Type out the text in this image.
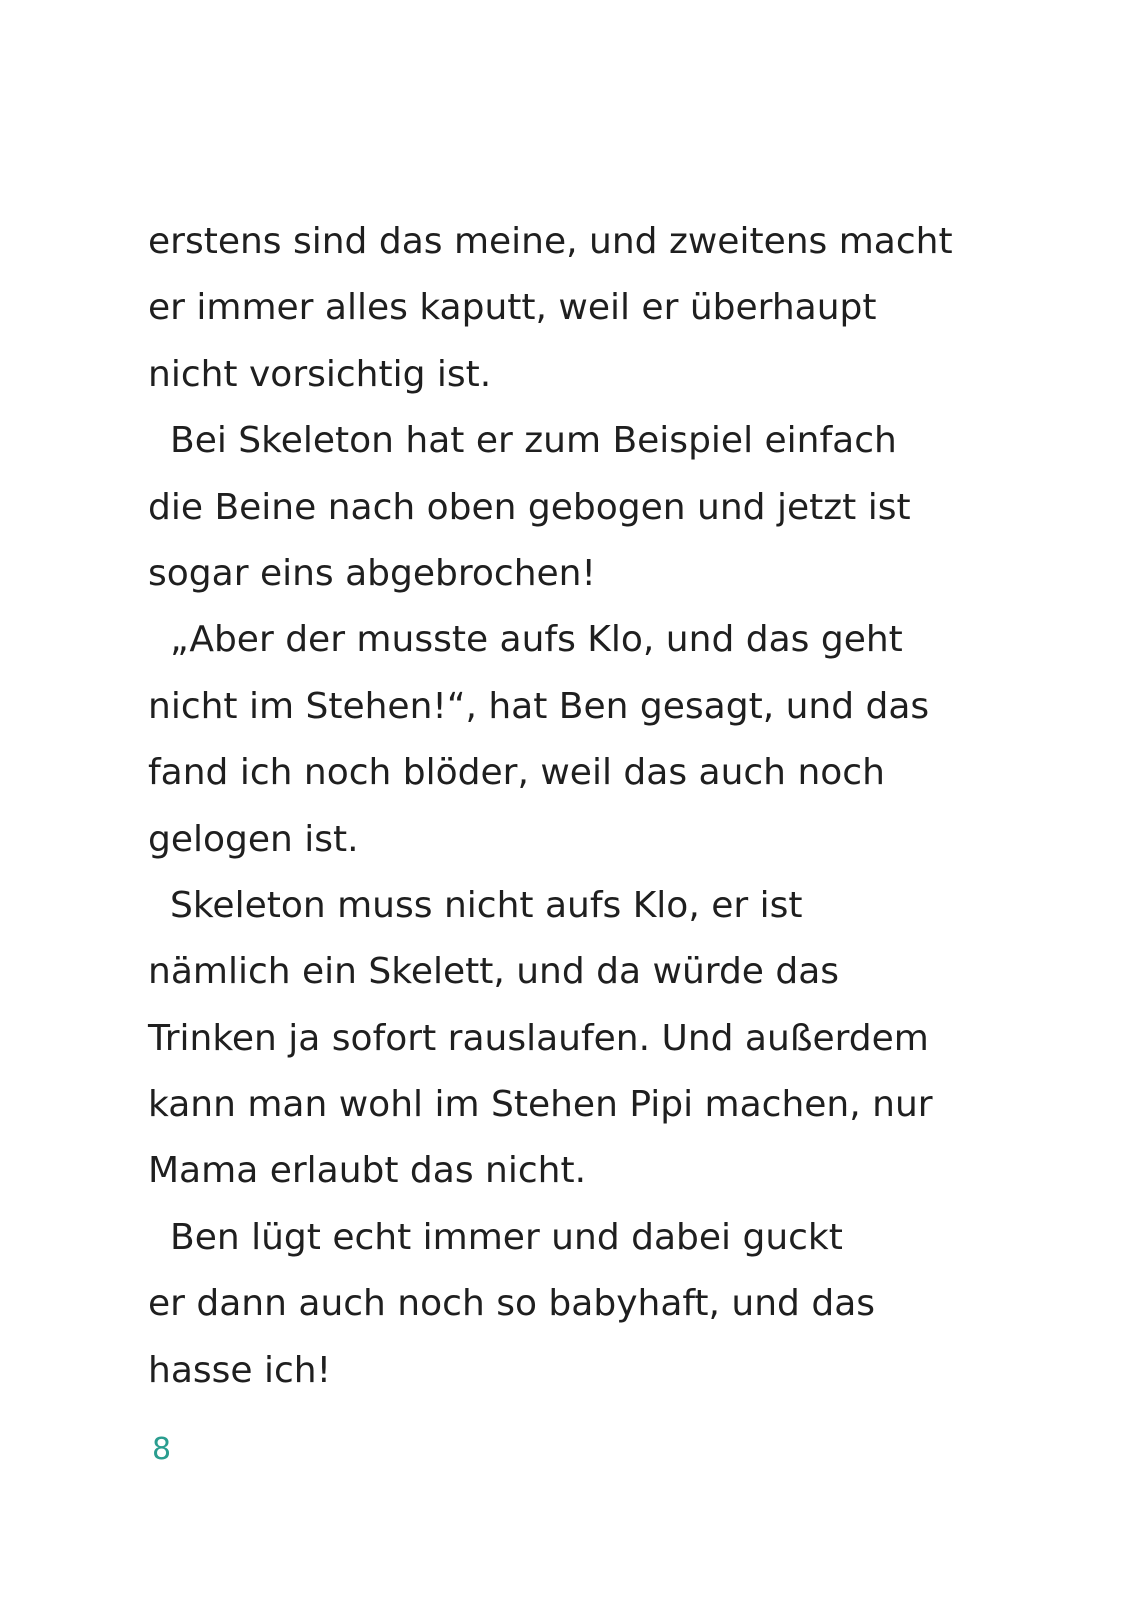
erstens sind das meine, und zweitens macht
er immer alles kaputt, weil er überhaupt
nicht vorsichtig ist.
Bei Skeleton hat er zum Beispiel einfach
die Beine nach oben gebogen und jetzt ist
sogar eins abgebrochen!
„Aber der musste aufs Klo, und das geht
nicht im Stehen!“, hat Ben gesagt, und das
fand ich noch blöder, weil das auch noch
gelogen ist.
Skeleton muss nicht aufs Klo, er ist
nämlich ein Skelett, und da würde das
Trinken ja sofort rauslaufen. Und außerdem
kann man wohl im Stehen Pipi machen, nur
Mama erlaubt das nicht.
Ben lügt echt immer und dabei guckt
er dann auch noch so babyhaft, und das
hasse ich!
8
